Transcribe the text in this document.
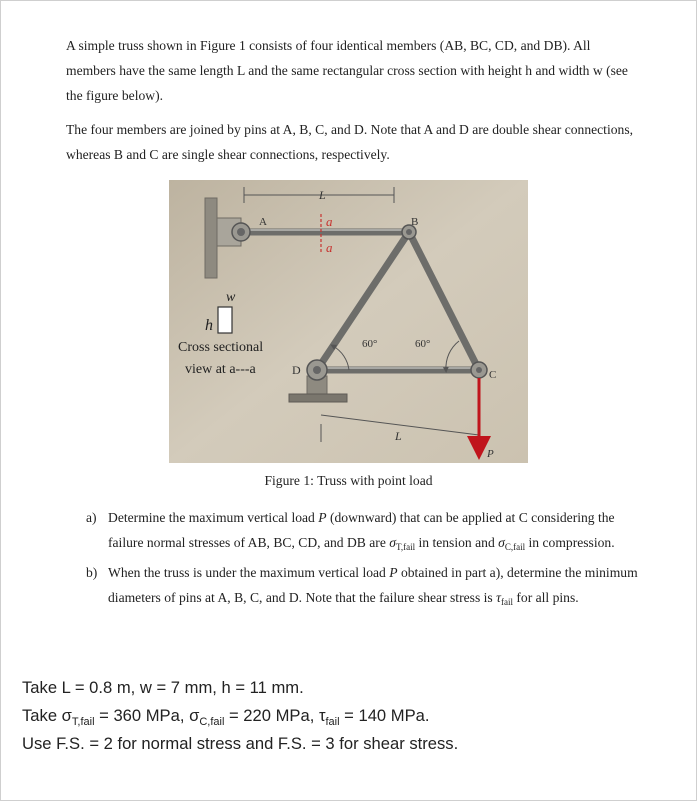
A simple truss shown in Figure 1 consists of four identical members (AB, BC, CD, and DB). All members have the same length L and the same rectangular cross section with height h and width w (see the figure below).

The four members are joined by pins at A, B, C, and D. Note that A and D are double shear connections, whereas B and C are single shear connections, respectively.

L
a
a
A	B
C
D
w
h
Cross sectional
view at a---a
60°	60°
L
P
Figure 1: Truss with point load
a) Determine the maximum vertical load P (downward) that can be applied at C considering the failure normal stresses of AB, BC, CD, and DB are $\sigma_{T,fail}$ in tension and $\sigma_{C,fail}$ in compression.
b) When the truss is under the maximum vertical load P obtained in part a), determine the minimum diameters of pins at A, B, C, and D. Note that the failure shear stress is $\tau_{fail}$ for all pins.
Take L = 0.8 m, w = 7 mm, h = 11 mm.
Take $\sigma_{T,fail} = 360$ MPa, $\sigma_{C,fail} = 220$ MPa, $\tau_{fail} = 140$ MPa.
Use F.S. = 2 for normal stress and F.S. = 3 for shear stress.
